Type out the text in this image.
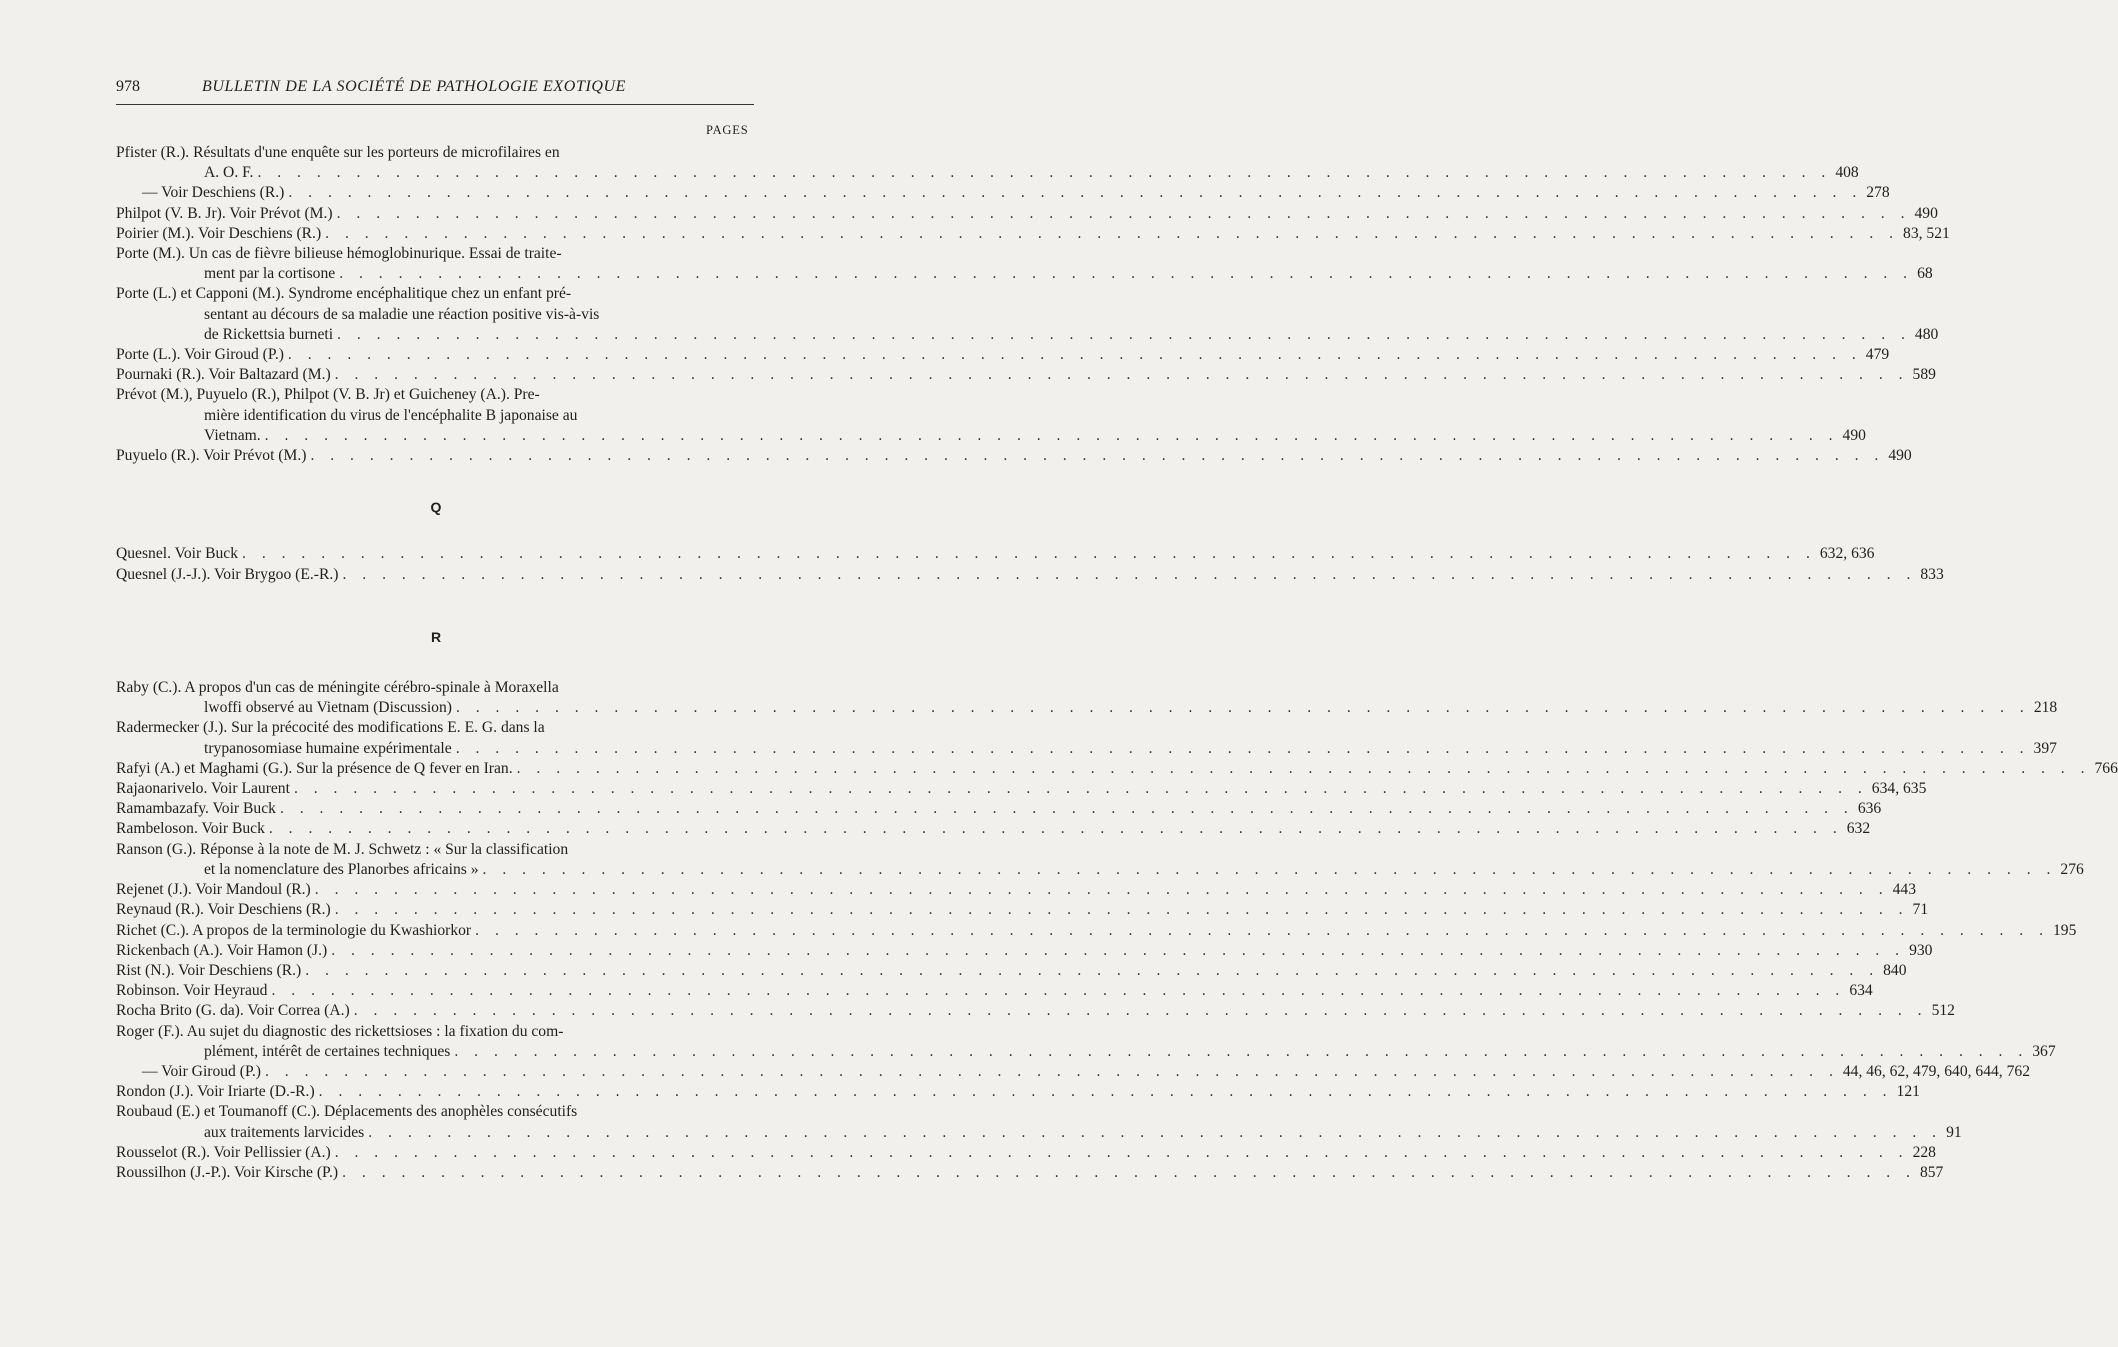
978	BULLETIN DE LA SOCIÉTÉ DE PATHOLOGIE EXOTIQUE
PAGES
Pfister (R.). Résultats d'une enquête sur les porteurs de microfilaires en
A. O. F. . . . . . . . . . . . . . . . . . . . . . . . . . . . . . . . . . . . . . . . . . . . . . . . . . . . . . . . . . . . . . . . . . . . . . . . . . . . . . . . . 408
— Voir Deschiens (R.) . . . . . . . . . . . . . . . . . . . . . . . . . . . . . . . . . . . . . . . . . . . . . . . . . . . . . . . . . . . . . . . . . . . . . . . . . . . . . . . . 278
Philpot (V. B. Jr). Voir Prévot (M.) . . . . . . . . . . . . . . . . . . . . . . . . . . . . . . . . . . . . . . . . . . . . . . . . . . . . . . . . . . . . . . . . . . . . . . . . . . . . . . . . 490
Poirier (M.). Voir Deschiens (R.) . . . . . . . . . . . . . . . . . . . . . . . . . . . . . . . . . . . . . . . . . . . . . . . . . . . . . . . . . . . . . . . . . . . . . . . . . . . . . . . . 83, 521
Porte (M.). Un cas de fièvre bilieuse hémoglobinurique. Essai de traite-
ment par la cortisone . . . . . . . . . . . . . . . . . . . . . . . . . . . . . . . . . . . . . . . . . . . . . . . . . . . . . . . . . . . . . . . . . . . . . . . . . . . . . . . . 68
Porte (L.) et Capponi (M.). Syndrome encéphalitique chez un enfant pré-
sentant au décours de sa maladie une réaction positive vis-à-vis
de Rickettsia burneti . . . . . . . . . . . . . . . . . . . . . . . . . . . . . . . . . . . . . . . . . . . . . . . . . . . . . . . . . . . . . . . . . . . . . . . . . . . . . . . . 480
Porte (L.). Voir Giroud (P.) . . . . . . . . . . . . . . . . . . . . . . . . . . . . . . . . . . . . . . . . . . . . . . . . . . . . . . . . . . . . . . . . . . . . . . . . . . . . . . . . 479
Pournaki (R.). Voir Baltazard (M.) . . . . . . . . . . . . . . . . . . . . . . . . . . . . . . . . . . . . . . . . . . . . . . . . . . . . . . . . . . . . . . . . . . . . . . . . . . . . . . . . 589
Prévot (M.), Puyuelo (R.), Philpot (V. B. Jr) et Guicheney (A.). Pre-
mière identification du virus de l'encéphalite B japonaise au
Vietnam. . . . . . . . . . . . . . . . . . . . . . . . . . . . . . . . . . . . . . . . . . . . . . . . . . . . . . . . . . . . . . . . . . . . . . . . . . . . . . . . . 490
Puyuelo (R.). Voir Prévot (M.) . . . . . . . . . . . . . . . . . . . . . . . . . . . . . . . . . . . . . . . . . . . . . . . . . . . . . . . . . . . . . . . . . . . . . . . . . . . . . . . . 490

Q

Quesnel. Voir Buck . . . . . . . . . . . . . . . . . . . . . . . . . . . . . . . . . . . . . . . . . . . . . . . . . . . . . . . . . . . . . . . . . . . . . . . . . . . . . . . . 632, 636
Quesnel (J.-J.). Voir Brygoo (E.-R.) . . . . . . . . . . . . . . . . . . . . . . . . . . . . . . . . . . . . . . . . . . . . . . . . . . . . . . . . . . . . . . . . . . . . . . . . . . . . . . . . 833

R

Raby (C.). A propos d'un cas de méningite cérébro-spinale à Moraxella
lwoffi observé au Vietnam (Discussion) . . . . . . . . . . . . . . . . . . . . . . . . . . . . . . . . . . . . . . . . . . . . . . . . . . . . . . . . . . . . . . . . . . . . . . . . . . . . . . . . 218
Radermecker (J.). Sur la précocité des modifications E. E. G. dans la
trypanosomiase humaine expérimentale . . . . . . . . . . . . . . . . . . . . . . . . . . . . . . . . . . . . . . . . . . . . . . . . . . . . . . . . . . . . . . . . . . . . . . . . . . . . . . . . 397
Rafyi (A.) et Maghami (G.). Sur la présence de Q fever en Iran. . . . . . . . . . . . . . . . . . . . . . . . . . . . . . . . . . . . . . . . . . . . . . . . . . . . . . . . . . . . . . . . . . . . . . . . . . . . . . . . . 766
Rajaonarivelo. Voir Laurent . . . . . . . . . . . . . . . . . . . . . . . . . . . . . . . . . . . . . . . . . . . . . . . . . . . . . . . . . . . . . . . . . . . . . . . . . . . . . . . . 634, 635
Ramambazafy. Voir Buck . . . . . . . . . . . . . . . . . . . . . . . . . . . . . . . . . . . . . . . . . . . . . . . . . . . . . . . . . . . . . . . . . . . . . . . . . . . . . . . . 636
Rambeloson. Voir Buck . . . . . . . . . . . . . . . . . . . . . . . . . . . . . . . . . . . . . . . . . . . . . . . . . . . . . . . . . . . . . . . . . . . . . . . . . . . . . . . . 632
Ranson (G.). Réponse à la note de M. J. Schwetz : « Sur la classification
et la nomenclature des Planorbes africains » . . . . . . . . . . . . . . . . . . . . . . . . . . . . . . . . . . . . . . . . . . . . . . . . . . . . . . . . . . . . . . . . . . . . . . . . . . . . . . . . 276
Rejenet (J.). Voir Mandoul (R.) . . . . . . . . . . . . . . . . . . . . . . . . . . . . . . . . . . . . . . . . . . . . . . . . . . . . . . . . . . . . . . . . . . . . . . . . . . . . . . . . 443
Reynaud (R.). Voir Deschiens (R.) . . . . . . . . . . . . . . . . . . . . . . . . . . . . . . . . . . . . . . . . . . . . . . . . . . . . . . . . . . . . . . . . . . . . . . . . . . . . . . . . 71
Richet (C.). A propos de la terminologie du Kwashiorkor . . . . . . . . . . . . . . . . . . . . . . . . . . . . . . . . . . . . . . . . . . . . . . . . . . . . . . . . . . . . . . . . . . . . . . . . . . . . . . . . 195
Rickenbach (A.). Voir Hamon (J.) . . . . . . . . . . . . . . . . . . . . . . . . . . . . . . . . . . . . . . . . . . . . . . . . . . . . . . . . . . . . . . . . . . . . . . . . . . . . . . . . 930
Rist (N.). Voir Deschiens (R.) . . . . . . . . . . . . . . . . . . . . . . . . . . . . . . . . . . . . . . . . . . . . . . . . . . . . . . . . . . . . . . . . . . . . . . . . . . . . . . . . 840
Robinson. Voir Heyraud . . . . . . . . . . . . . . . . . . . . . . . . . . . . . . . . . . . . . . . . . . . . . . . . . . . . . . . . . . . . . . . . . . . . . . . . . . . . . . . . 634
Rocha Brito (G. da). Voir Correa (A.) . . . . . . . . . . . . . . . . . . . . . . . . . . . . . . . . . . . . . . . . . . . . . . . . . . . . . . . . . . . . . . . . . . . . . . . . . . . . . . . . 512
Roger (F.). Au sujet du diagnostic des rickettsioses : la fixation du com-
plément, intérêt de certaines techniques . . . . . . . . . . . . . . . . . . . . . . . . . . . . . . . . . . . . . . . . . . . . . . . . . . . . . . . . . . . . . . . . . . . . . . . . . . . . . . . . 367
— Voir Giroud (P.) . . . . . . . . . . . . . . . . . . . . . . . . . . . . . . . . . . . . . . . . . . . . . . . . . . . . . . . . . . . . . . . . . . . . . . . . . . . . . . . . 44, 46, 62, 479, 640, 644, 762
Rondon (J.). Voir Iriarte (D.-R.) . . . . . . . . . . . . . . . . . . . . . . . . . . . . . . . . . . . . . . . . . . . . . . . . . . . . . . . . . . . . . . . . . . . . . . . . . . . . . . . . 121
Roubaud (E.) et Toumanoff (C.). Déplacements des anophèles consécutifs
aux traitements larvicides . . . . . . . . . . . . . . . . . . . . . . . . . . . . . . . . . . . . . . . . . . . . . . . . . . . . . . . . . . . . . . . . . . . . . . . . . . . . . . . . 91
Rousselot (R.). Voir Pellissier (A.) . . . . . . . . . . . . . . . . . . . . . . . . . . . . . . . . . . . . . . . . . . . . . . . . . . . . . . . . . . . . . . . . . . . . . . . . . . . . . . . . 228
Roussilhon (J.-P.). Voir Kirsche (P.) . . . . . . . . . . . . . . . . . . . . . . . . . . . . . . . . . . . . . . . . . . . . . . . . . . . . . . . . . . . . . . . . . . . . . . . . . . . . . . . . 857
